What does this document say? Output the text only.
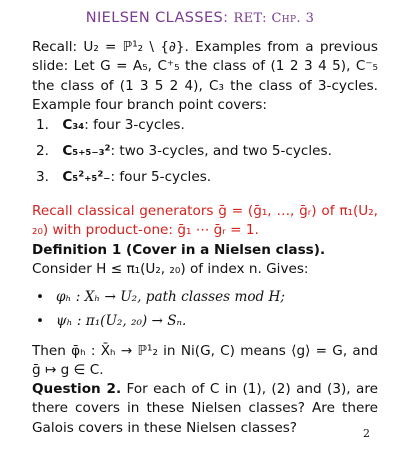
NIELSEN CLASSES: RET: Chp. 3
Recall: U₂ = ℙ¹₂ \ {∂}. Examples from a previous slide: Let G = A₅, C⁺₅ the class of (1 2 3 4 5), C⁻₅ the class of (1 3 5 2 4), C₃ the class of 3-cycles. Example four branch point covers:
1. C₃₄: four 3-cycles.
2. C₅₊₅₋₃²: two 3-cycles, and two 5-cycles.
3. C₅²₊₅²₋: four 5-cycles.
Recall classical generators ḡ = (ḡ₁, …, ḡᵣ) of π₁(U₂, ₂₀) with product-one: ḡ₁ ⋯ ḡᵣ = 1.
Definition 1 (Cover in a Nielsen class).
Consider H ≤ π₁(U₂, ₂₀) of index n. Gives:
• φₕ : Xₕ → U₂, path classes mod H;
• ψₕ : π₁(U₂, ₂₀) → Sₙ.
Then φ̄ₕ : X̄ₕ → ℙ¹₂ in Ni(G, C) means ⟨g⟩ = G, and ḡ ↦ g ∈ C.
Question 2. For each of C in (1), (2) and (3), are there covers in these Nielsen classes? Are there Galois covers in these Nielsen classes?	2
